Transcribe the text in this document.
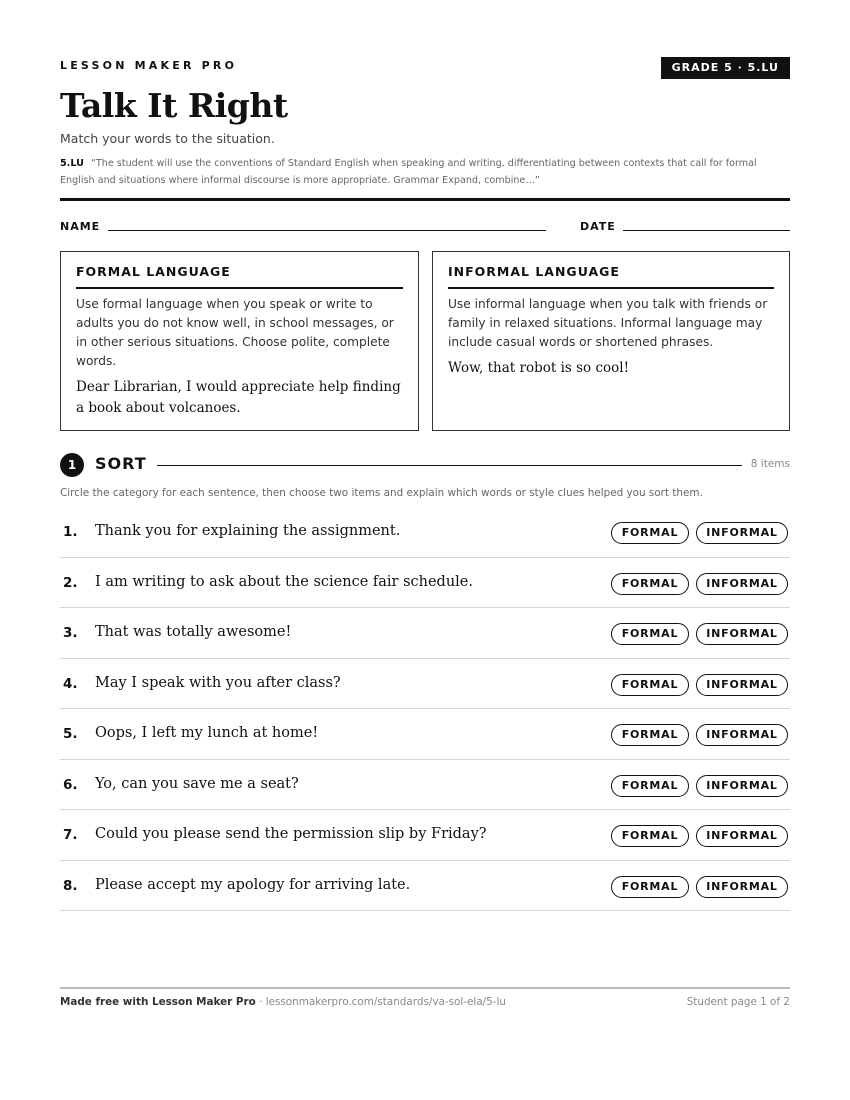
LESSON MAKER PRO	GRADE 5 · 5.LU
Talk It Right
Match your words to the situation.
5.LU “The student will use the conventions of Standard English when speaking and writing, differentiating between contexts that call for formal English and situations where informal discourse is more appropriate. Grammar Expand, combine…”
NAME	DATE
FORMAL LANGUAGE
Use formal language when you speak or write to adults you do not know well, in school messages, or in other serious situations. Choose polite, complete words.
Dear Librarian, I would appreciate help finding a book about volcanoes.
INFORMAL LANGUAGE
Use informal language when you talk with friends or family in relaxed situations. Informal language may include casual words or shortened phrases.
Wow, that robot is so cool!
1	SORT	8 items
Circle the category for each sentence, then choose two items and explain which words or style clues helped you sort them.
1. Thank you for explaining the assignment.	FORMAL	INFORMAL
2. I am writing to ask about the science fair schedule.	FORMAL	INFORMAL
3. That was totally awesome!	FORMAL	INFORMAL
4. May I speak with you after class?	FORMAL	INFORMAL
5. Oops, I left my lunch at home!	FORMAL	INFORMAL
6. Yo, can you save me a seat?	FORMAL	INFORMAL
7. Could you please send the permission slip by Friday?	FORMAL	INFORMAL
8. Please accept my apology for arriving late.	FORMAL	INFORMAL
Made free with Lesson Maker Pro · lessonmakerpro.com/standards/va-sol-ela/5-lu	Student page 1 of 2
